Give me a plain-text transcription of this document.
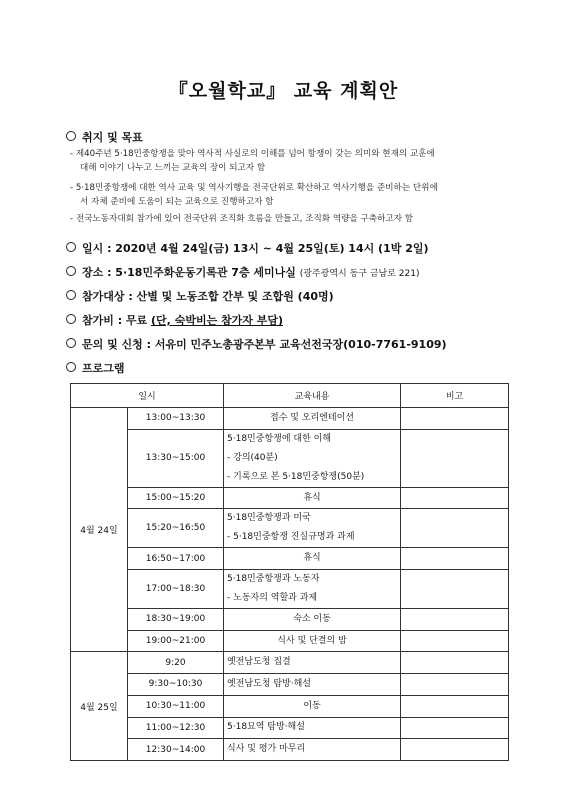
『오월학교』 교육 계획안
취지 및 목표
- 제40주년 5·18민중항쟁을 맞아 역사적 사실로의 이해를 넘어 항쟁이 갖는 의미와 현재의 교훈에
대해 이야기 나누고 느끼는 교육의 장이 되고자 함
- 5·18민중항쟁에 대한 역사 교육 및 역사기행을 전국단위로 확산하고 역사기행을 준비하는 단위에
서 자체 준비에 도움이 되는 교육으로 진행하고자 함
- 전국노동자대회 참가에 있어 전국단위 조직화 흐름을 만들고, 조직화 역량을 구축하고자 함
일시 : 2020년 4월 24일(금) 13시 ~ 4월 25일(토) 14시 (1박 2일)
장소 : 5·18민주화운동기록관 7층 세미나실 (광주광역시 동구 금남로 221)
참가대상 : 산별 및 노동조합 간부 및 조합원 (40명)
참가비 : 무료 (단, 숙박비는 참가자 부담)
문의 및 신청 : 서유미 민주노총광주본부 교육선전국장(010-7761-9109)
프로그램
일시		교육내용	비고
4월 24일	13:00~13:30	접수 및 오리엔테이션	

	13:30~15:00	5·18민중항쟁에 대한 이해
- 강의(40분)
- 기록으로 본 5·18민중항쟁(50분)	

	15:00~15:20	휴식	

	15:20~16:50	5·18민중항쟁과 미국
- 5·18민중항쟁 진실규명과 과제	

	16:50~17:00	휴식	

	17:00~18:30	5·18민중항쟁과 노동자
- 노동자의 역할과 과제	

	18:30~19:00	숙소 이동	

	19:00~21:00	식사 및 단결의 밤	

4월 25일	9:20	옛전남도청 집결	

	9:30~10:30	옛전남도청 탐방·해설	

	10:30~11:00	이동	

	11:00~12:30	5·18묘역 탐방·해설	

	12:30~14:00	식사 및 평가 마무리	
